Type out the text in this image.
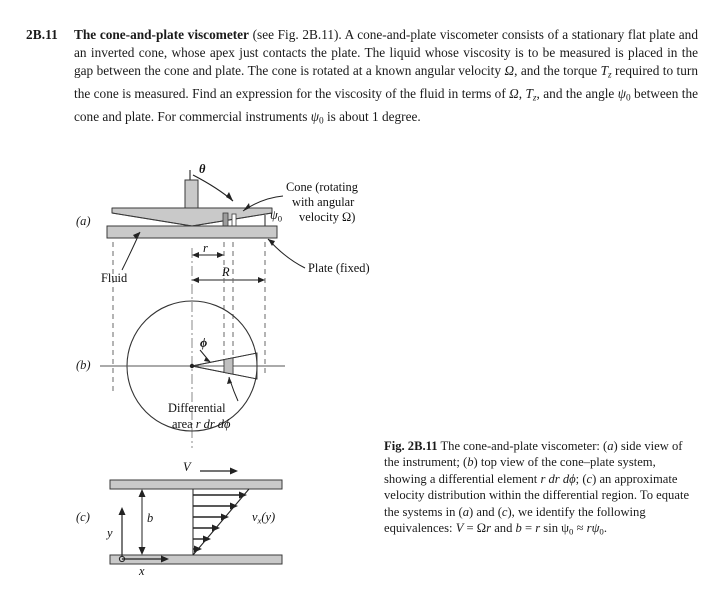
2B.11	The cone-and-plate viscometer (see Fig. 2B.11). A cone-and-plate viscometer consists of a stationary flat plate and an inverted cone, whose apex just contacts the plate. The liquid whose viscosity is to be measured is placed in the gap between the cone and plate. The cone is rotated at a known angular velocity Ω, and the torque $T_z$ required to turn the cone is measured. Find an expression for the viscosity of the fluid in terms of Ω, $T_z$, and the angle ψ0 between the cone and plate. For commercial instruments ψ0 is about 1 degree.
(a)
(b)
(c)
θ
ψ0
Cone (rotating
with angular
velocity Ω)
Plate (fixed)
Fluid
r
R
ϕ
Differential
area r dr dϕ
V
b
y
x
$v_x(y)$
Fig. 2B.11 The cone-and-plate viscometer: (a) side view of the instrument; (b) top view of the cone–plate system, showing a differential element r dr dϕ; (c) an approximate velocity distribution within the differential region. To equate the systems in (a) and (c), we identify the following equivalences: V = Ωr and b = r sin ψ0 ≈ rψ0.
